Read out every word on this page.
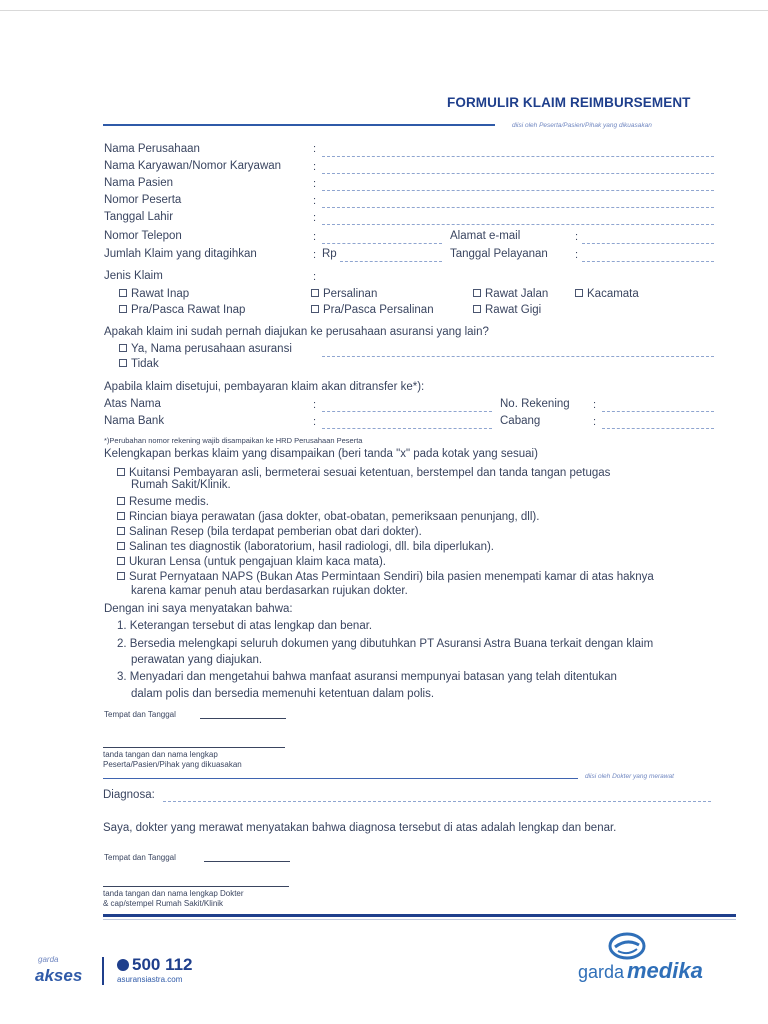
FORMULIR KLAIM REIMBURSEMENT
diisi oleh Peserta/Pasien/Pihak yang dikuasakan
Nama Perusahaan	:
Nama Karyawan/Nomor Karyawan	:
Nama Pasien	:
Nomor Peserta	:
Tanggal Lahir	:
Nomor Telepon	:	Alamat e-mail	:
Jumlah Klaim yang ditagihkan	: Rp	Tanggal Pelayanan :
Jenis Klaim	:
Rawat Inap
Pra/Pasca Rawat Inap
Persalinan
Pra/Pasca Persalinan
Rawat Jalan
Rawat Gigi
Kacamata
Apakah klaim ini sudah pernah diajukan ke perusahaan asuransi yang lain?
Ya, Nama perusahaan asuransi
Tidak
Apabila klaim disetujui, pembayaran klaim akan ditransfer ke*):
Atas Nama	:	No. Rekening :
Nama Bank	:	Cabang	:
*)Perubahan nomor rekening wajib disampaikan ke HRD Perusahaan Peserta
Kelengkapan berkas klaim yang disampaikan (beri tanda "x" pada kotak yang sesuai)
Kuitansi Pembayaran asli, bermeterai sesuai ketentuan, berstempel dan tanda tangan petugas
Rumah Sakit/Klinik.
Resume medis.
Rincian biaya perawatan (jasa dokter, obat-obatan, pemeriksaan penunjang, dll).
Salinan Resep (bila terdapat pemberian obat dari dokter).
Salinan tes diagnostik (laboratorium, hasil radiologi, dll. bila diperlukan).
Ukuran Lensa (untuk pengajuan klaim kaca mata).
Surat Pernyataan NAPS (Bukan Atas Permintaan Sendiri) bila pasien menempati kamar di atas haknya
karena kamar penuh atau berdasarkan rujukan dokter.
Dengan ini saya menyatakan bahwa:
1. Keterangan tersebut di atas lengkap dan benar.
2. Bersedia melengkapi seluruh dokumen yang dibutuhkan PT Asuransi Astra Buana terkait dengan klaim
perawatan yang diajukan.
3. Menyadari dan mengetahui bahwa manfaat asuransi mempunyai batasan yang telah ditentukan
dalam polis dan bersedia memenuhi ketentuan dalam polis.
Tempat dan Tanggal
tanda tangan dan nama lengkap
Peserta/Pasien/Pihak yang dikuasakan
diisi oleh Dokter yang merawat
Diagnosa:
Saya, dokter yang merawat menyatakan bahwa diagnosa tersebut di atas adalah lengkap dan benar.
Tempat dan Tanggal
tanda tangan dan nama lengkap Dokter
& cap/stempel Rumah Sakit/Klinik
garda
akses
500 112
asuransiastra.com	garda medika
